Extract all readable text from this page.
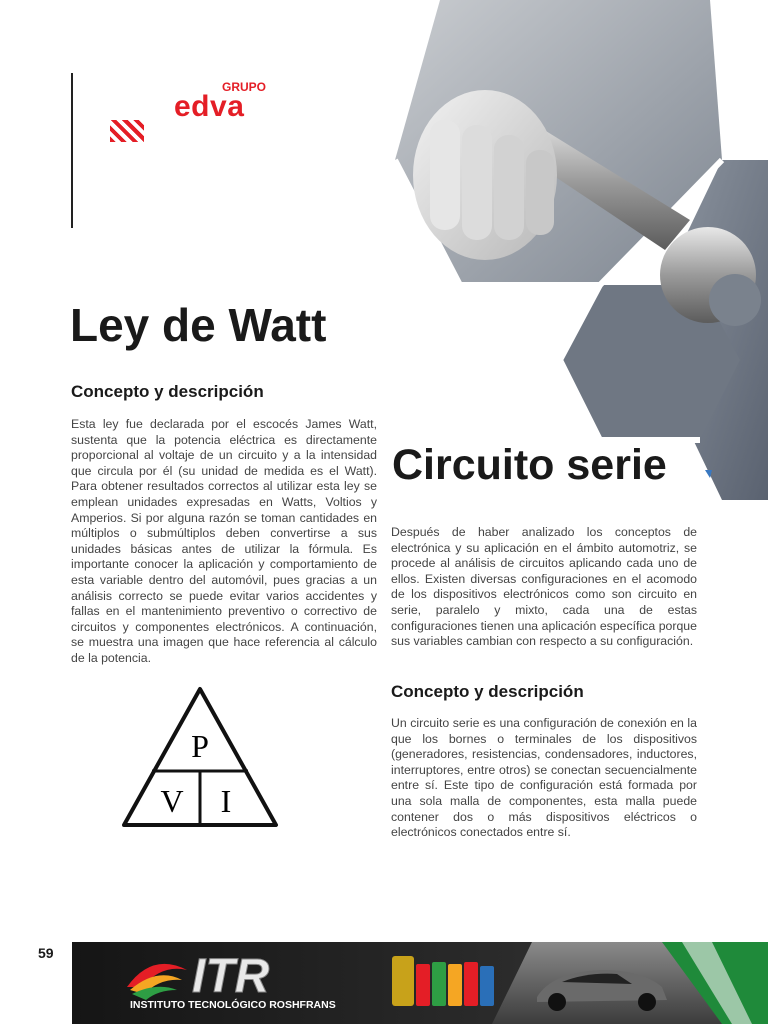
GRUPO
edva
Ley de Watt
Concepto y descripción

Esta ley fue declarada por el escocés James Watt, sustenta que la potencia eléctrica es directamente proporcional al voltaje de un circuito y a la intensidad que circula por él (su unidad de medida es el Watt). Para obtener resultados correctos al utilizar esta ley se emplean unidades expresadas en Watts, Voltios y Amperios. Si por alguna razón se toman cantidades en múltiplos o submúltiplos deben convertirse a sus unidades básicas antes de utilizar la fórmula. Es importante conocer la aplicación y comportamiento de esta variable dentro del automóvil, pues gracias a un análisis correcto se puede evitar varios accidentes y fallas en el mantenimiento preventivo o correctivo de circuitos y componentes electrónicos. A continuación, se muestra una imagen que hace referencia al cálculo de la potencia.

Circuito serie

Después de haber analizado los conceptos de electrónica y su aplicación en el ámbito automotriz, se procede al análisis de circuitos aplicando cada uno de ellos. Existen diversas configuraciones en el acomodo de los dispositivos electrónicos como son circuito en serie, paralelo y mixto, cada una de estas configuraciones tienen una aplicación específica porque sus variables cambian con respecto a su configuración.

Concepto y descripción

Un circuito serie es una configuración de conexión en la que los bornes o terminales de los dispositivos (generadores, resistencias, condensadores, inductores, interruptores, entre otros) se conectan secuencialmente entre sí. Este tipo de configuración está formada por una sola malla de componentes, esta malla puede contener dos o más dispositivos eléctricos o electrónicos conectados entre sí.

P
V I
59	ITR
INSTITUTO TECNOLÓGICO ROSHFRANS
